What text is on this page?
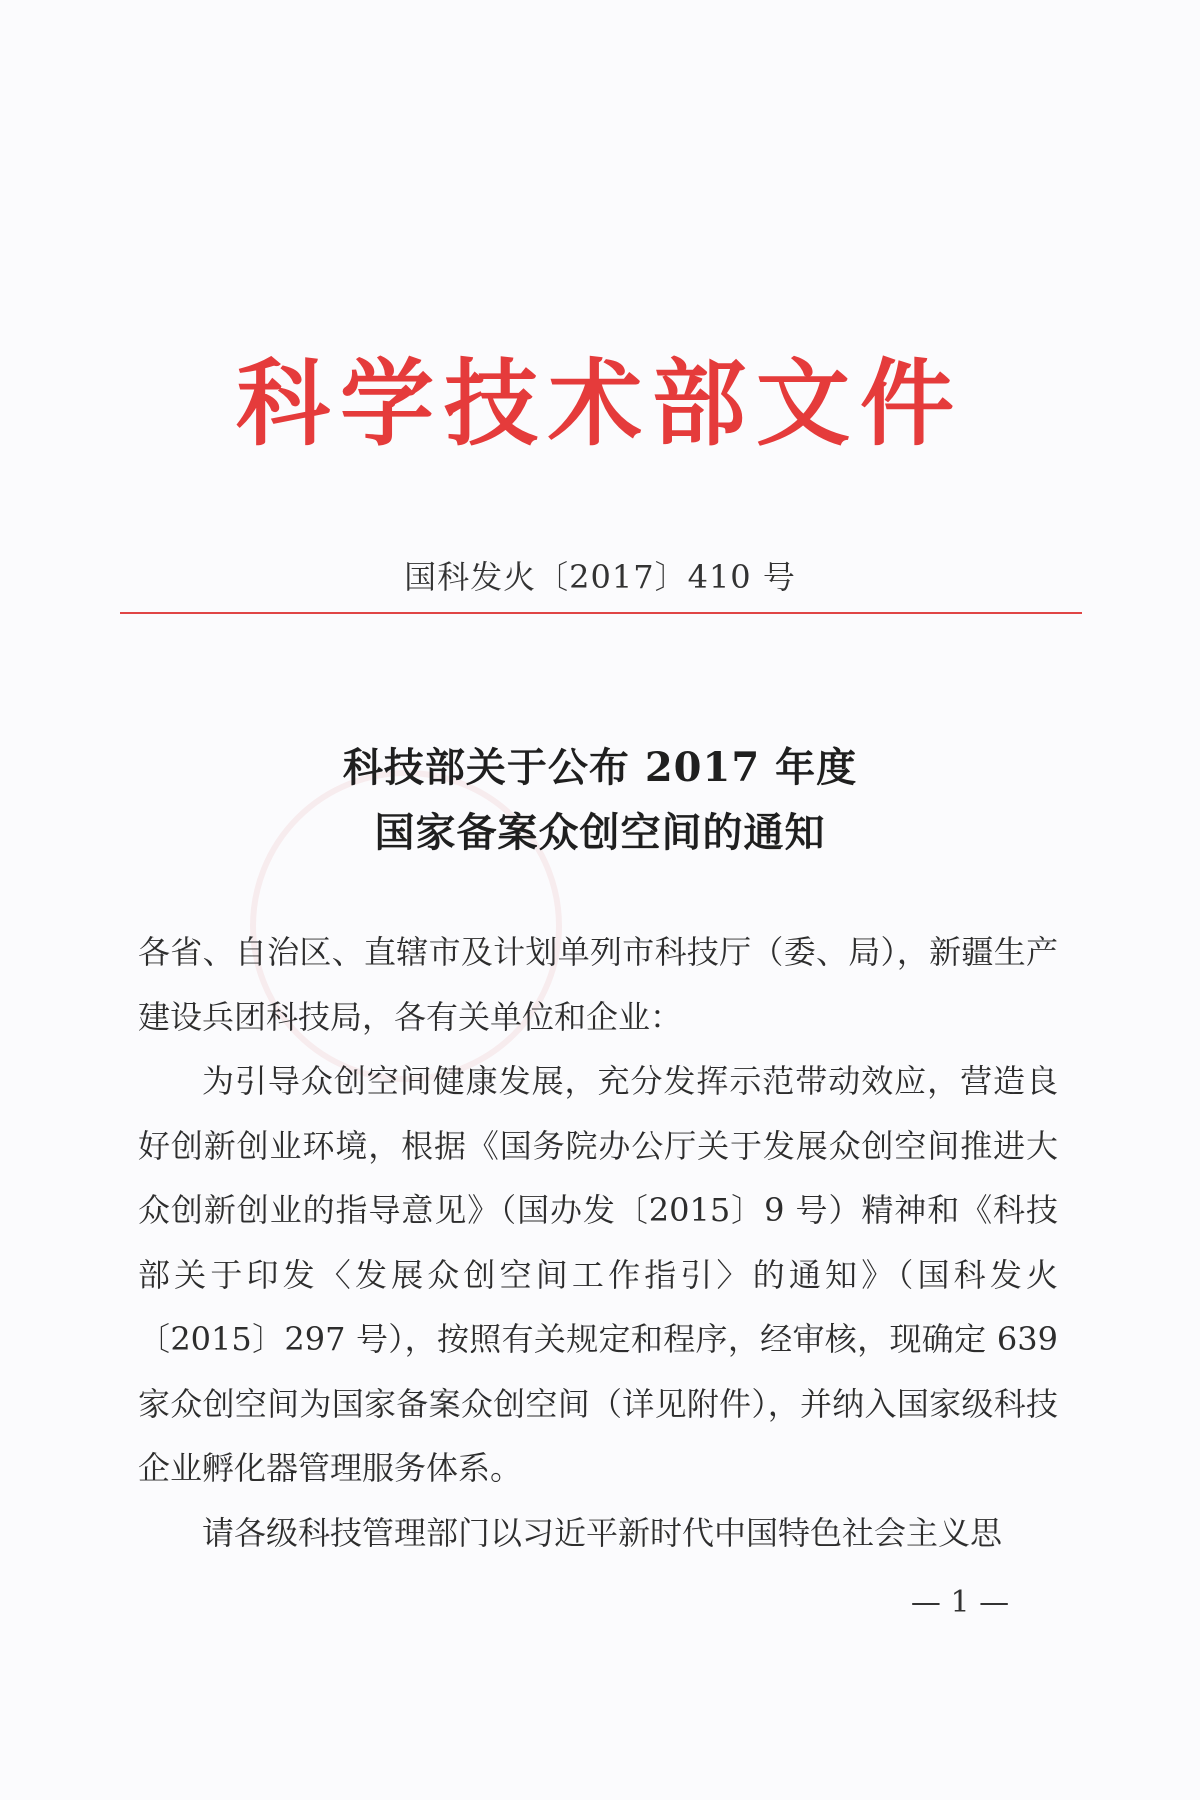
科学技术部文件
国科发火〔2017〕410 号
科技部关于公布 2017 年度
国家备案众创空间的通知

各省、自治区、直辖市及计划单列市科技厅（委、局），新疆生产建设兵团科技局，各有关单位和企业：

为引导众创空间健康发展，充分发挥示范带动效应，营造良好创新创业环境，根据《国务院办公厅关于发展众创空间推进大众创新创业的指导意见》（国办发〔2015〕9 号）精神和《科技部关于印发〈发展众创空间工作指引〉的通知》（国科发火〔2015〕297 号），按照有关规定和程序，经审核，现确定 639 家众创空间为国家备案众创空间（详见附件），并纳入国家级科技企业孵化器管理服务体系。

请各级科技管理部门以习近平新时代中国特色社会主义思

— 1 —
